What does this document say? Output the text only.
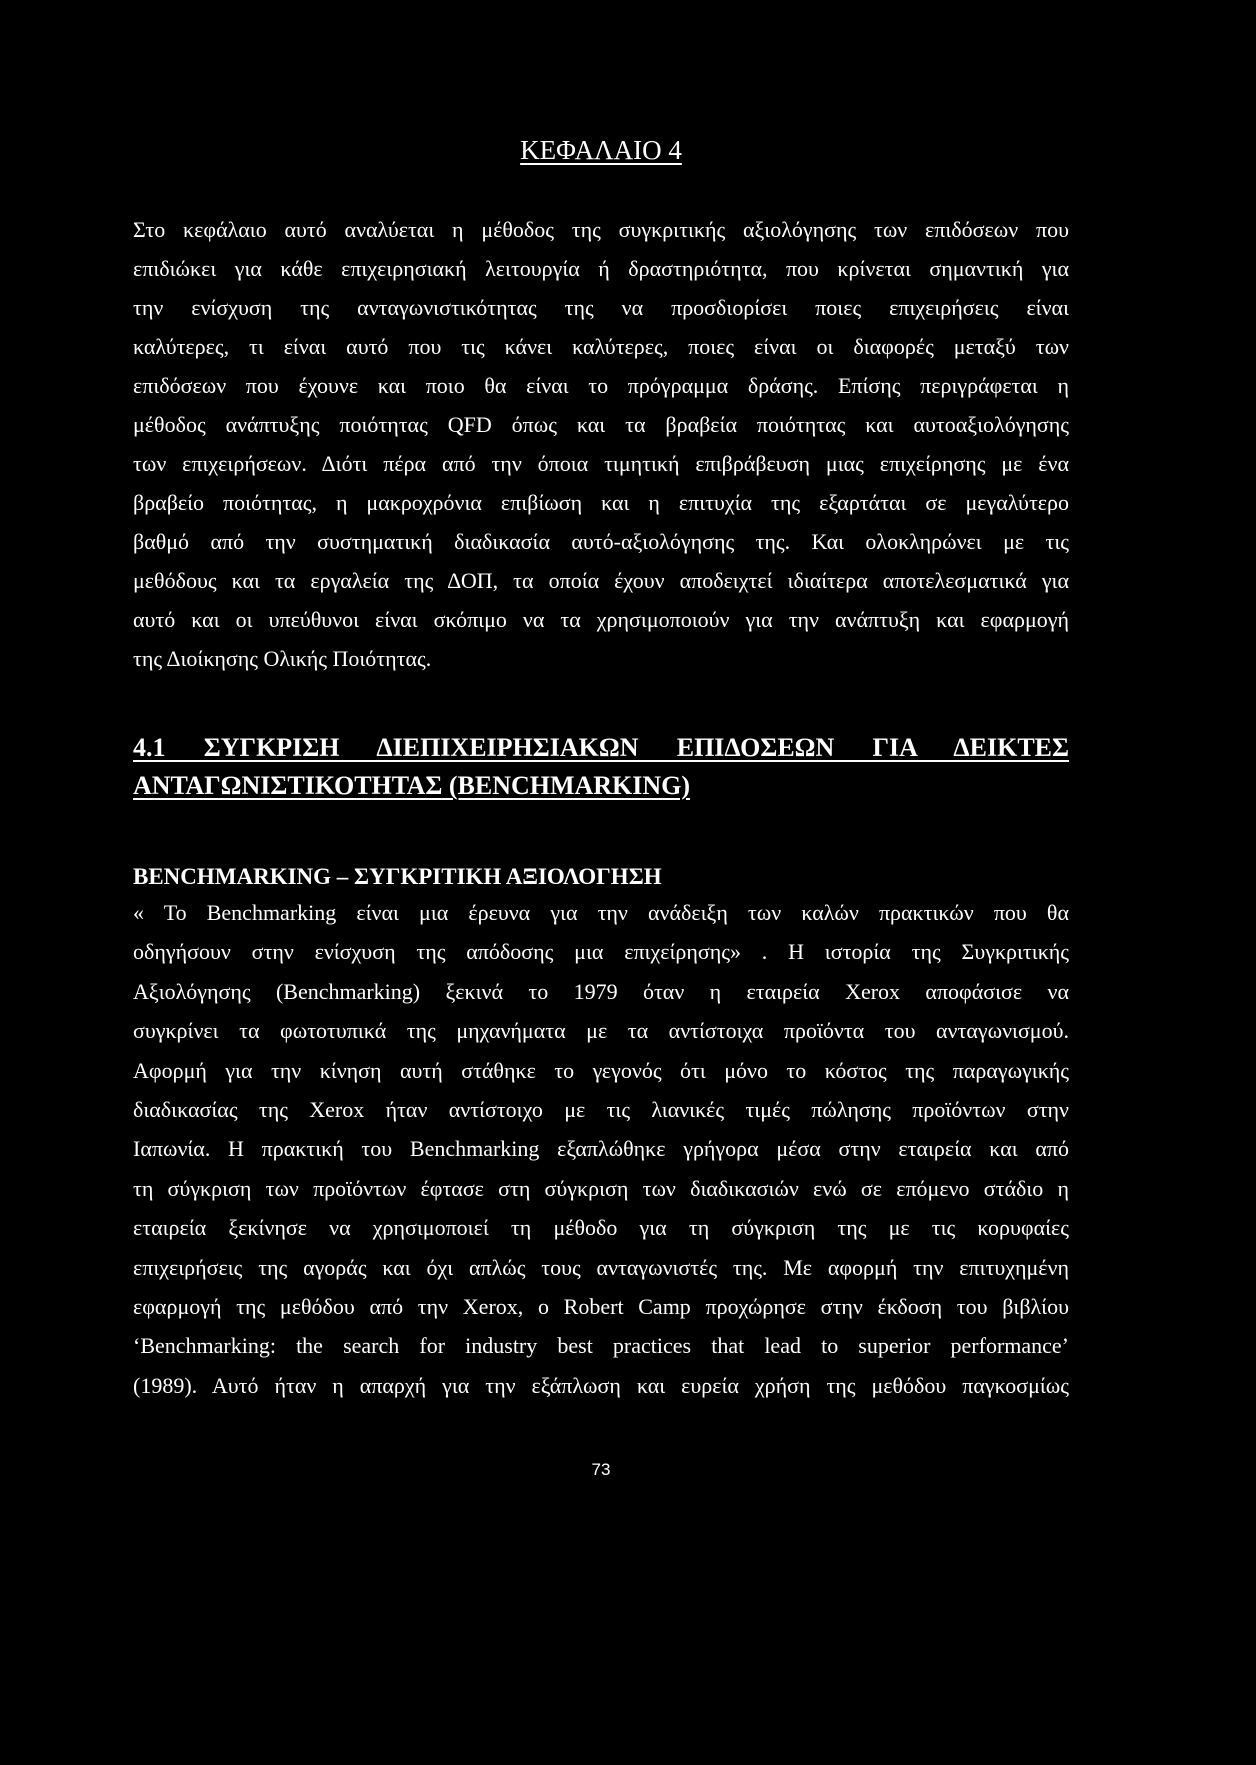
ΚΕΦΑΛΑΙΟ 4
Στο κεφάλαιο αυτό αναλύεται η μέθοδος της συγκριτικής αξιολόγησης των επιδόσεων που
επιδιώκει για κάθε επιχειρησιακή λειτουργία ή δραστηριότητα, που κρίνεται σημαντική για
την ενίσχυση της ανταγωνιστικότητας της να προσδιορίσει ποιες επιχειρήσεις είναι
καλύτερες, τι είναι αυτό που τις κάνει καλύτερες, ποιες είναι οι διαφορές μεταξύ των
επιδόσεων που έχουνε και ποιο θα είναι το πρόγραμμα δράσης. Επίσης περιγράφεται η
μέθοδος ανάπτυξης ποιότητας QFD όπως και τα βραβεία ποιότητας και αυτοαξιολόγησης
των επιχειρήσεων. Διότι πέρα από την όποια τιμητική επιβράβευση μιας επιχείρησης με ένα
βραβείο ποιότητας, η μακροχρόνια επιβίωση και η επιτυχία της εξαρτάται σε μεγαλύτερο
βαθμό από την συστηματική διαδικασία αυτό-αξιολόγησης της. Και ολοκληρώνει με τις
μεθόδους και τα εργαλεία της ΔΟΠ, τα οποία έχουν αποδειχτεί ιδιαίτερα αποτελεσματικά για
αυτό και οι υπεύθυνοι είναι σκόπιμο να τα χρησιμοποιούν για την ανάπτυξη και εφαρμογή
της Διοίκησης Ολικής Ποιότητας.
4.1 ΣΥΓΚΡΙΣΗ ΔΙΕΠΙΧΕΙΡΗΣΙΑΚΩΝ ΕΠΙΔΟΣΕΩΝ ΓΙΑ ΔΕΙΚΤΕΣ
ΑΝΤΑΓΩΝΙΣΤΙΚΟΤΗΤΑΣ (BENCHMARKING)
BENCHMARKING – ΣΥΓΚΡΙΤΙΚΗ ΑΞΙΟΛΟΓΗΣΗ
« Το Benchmarking είναι μια έρευνα για την ανάδειξη των καλών πρακτικών που θα
οδηγήσουν στην ενίσχυση της απόδοσης μια επιχείρησης» . Η ιστορία της Συγκριτικής
Αξιολόγησης (Benchmarking) ξεκινά το 1979 όταν η εταιρεία Xerox αποφάσισε να
συγκρίνει τα φωτοτυπικά της μηχανήματα με τα αντίστοιχα προϊόντα του ανταγωνισμού.
Αφορμή για την κίνηση αυτή στάθηκε το γεγονός ότι μόνο το κόστος της παραγωγικής
διαδικασίας της Xerox ήταν αντίστοιχο με τις λιανικές τιμές πώλησης προϊόντων στην
Ιαπωνία. Η πρακτική του Benchmarking εξαπλώθηκε γρήγορα μέσα στην εταιρεία και από
τη σύγκριση των προϊόντων έφτασε στη σύγκριση των διαδικασιών ενώ σε επόμενο στάδιο η
εταιρεία ξεκίνησε να χρησιμοποιεί τη μέθοδο για τη σύγκριση της με τις κορυφαίες
επιχειρήσεις της αγοράς και όχι απλώς τους ανταγωνιστές της. Με αφορμή την επιτυχημένη
εφαρμογή της μεθόδου από την Xerox, ο Robert Camp προχώρησε στην έκδοση του βιβλίου
‘Benchmarking: the search for industry best practices that lead to superior performance’
(1989). Αυτό ήταν η απαρχή για την εξάπλωση και ευρεία χρήση της μεθόδου παγκοσμίως
73
